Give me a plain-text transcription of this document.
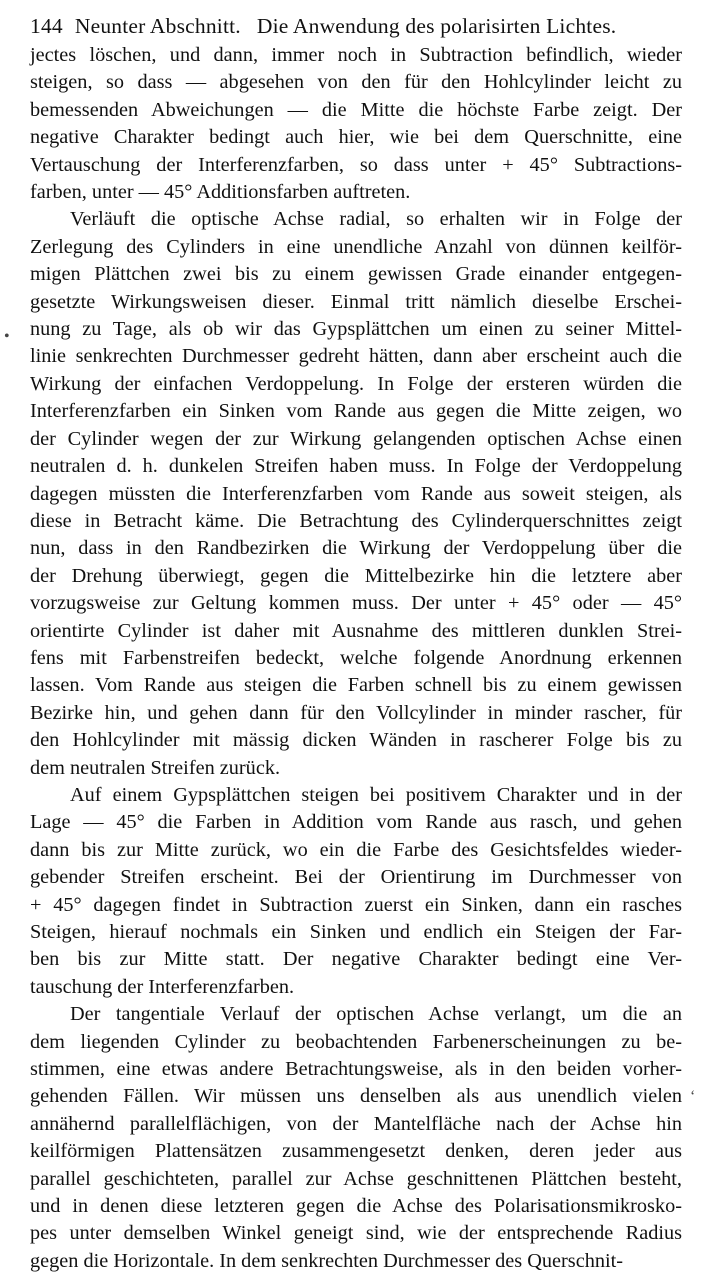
144 Neunter Abschnitt. Die Anwendung des polarisirten Lichtes.

jectes löschen, und dann, immer noch in Subtraction befindlich, wieder
steigen, so dass — abgesehen von den für den Hohlcylinder leicht zu
bemessenden Abweichungen — die Mitte die höchste Farbe zeigt. Der
negative Charakter bedingt auch hier, wie bei dem Querschnitte, eine
Vertauschung der Interferenzfarben, so dass unter + 45° Subtractions-
farben, unter — 45° Additionsfarben auftreten.

Verläuft die optische Achse radial, so erhalten wir in Folge der
Zerlegung des Cylinders in eine unendliche Anzahl von dünnen keilför-
migen Plättchen zwei bis zu einem gewissen Grade einander entgegen-
gesetzte Wirkungsweisen dieser. Einmal tritt nämlich dieselbe Erschei-
nung zu Tage, als ob wir das Gypsplättchen um einen zu seiner Mittel-
linie senkrechten Durchmesser gedreht hätten, dann aber erscheint auch die
Wirkung der einfachen Verdoppelung. In Folge der ersteren würden die
Interferenzfarben ein Sinken vom Rande aus gegen die Mitte zeigen, wo
der Cylinder wegen der zur Wirkung gelangenden optischen Achse einen
neutralen d. h. dunkelen Streifen haben muss. In Folge der Verdoppelung
dagegen müssten die Interferenzfarben vom Rande aus soweit steigen, als
diese in Betracht käme. Die Betrachtung des Cylinderquerschnittes zeigt
nun, dass in den Randbezirken die Wirkung der Verdoppelung über die
der Drehung überwiegt, gegen die Mittelbezirke hin die letztere aber
vorzugsweise zur Geltung kommen muss. Der unter + 45° oder — 45°
orientirte Cylinder ist daher mit Ausnahme des mittleren dunklen Strei-
fens mit Farbenstreifen bedeckt, welche folgende Anordnung erkennen
lassen. Vom Rande aus steigen die Farben schnell bis zu einem gewissen
Bezirke hin, und gehen dann für den Vollcylinder in minder rascher, für
den Hohlcylinder mit mässig dicken Wänden in rascherer Folge bis zu
dem neutralen Streifen zurück.

Auf einem Gypsplättchen steigen bei positivem Charakter und in der
Lage — 45° die Farben in Addition vom Rande aus rasch, und gehen
dann bis zur Mitte zurück, wo ein die Farbe des Gesichtsfeldes wieder-
gebender Streifen erscheint. Bei der Orientirung im Durchmesser von
+ 45° dagegen findet in Subtraction zuerst ein Sinken, dann ein rasches
Steigen, hierauf nochmals ein Sinken und endlich ein Steigen der Far-
ben bis zur Mitte statt. Der negative Charakter bedingt eine Ver-
tauschung der Interferenzfarben.

Der tangentiale Verlauf der optischen Achse verlangt, um die an
dem liegenden Cylinder zu beobachtenden Farbenerscheinungen zu be-
stimmen, eine etwas andere Betrachtungsweise, als in den beiden vorher-
gehenden Fällen. Wir müssen uns denselben als aus unendlich vielen
annähernd parallelflächigen, von der Mantelfläche nach der Achse hin
keilförmigen Plattensätzen zusammengesetzt denken, deren jeder aus
parallel geschichteten, parallel zur Achse geschnittenen Plättchen besteht,
und in denen diese letzteren gegen die Achse des Polarisationsmikrosko-
pes unter demselben Winkel geneigt sind, wie der entsprechende Radius
gegen die Horizontale. In dem senkrechten Durchmesser des Querschnit-

•
ʻ
